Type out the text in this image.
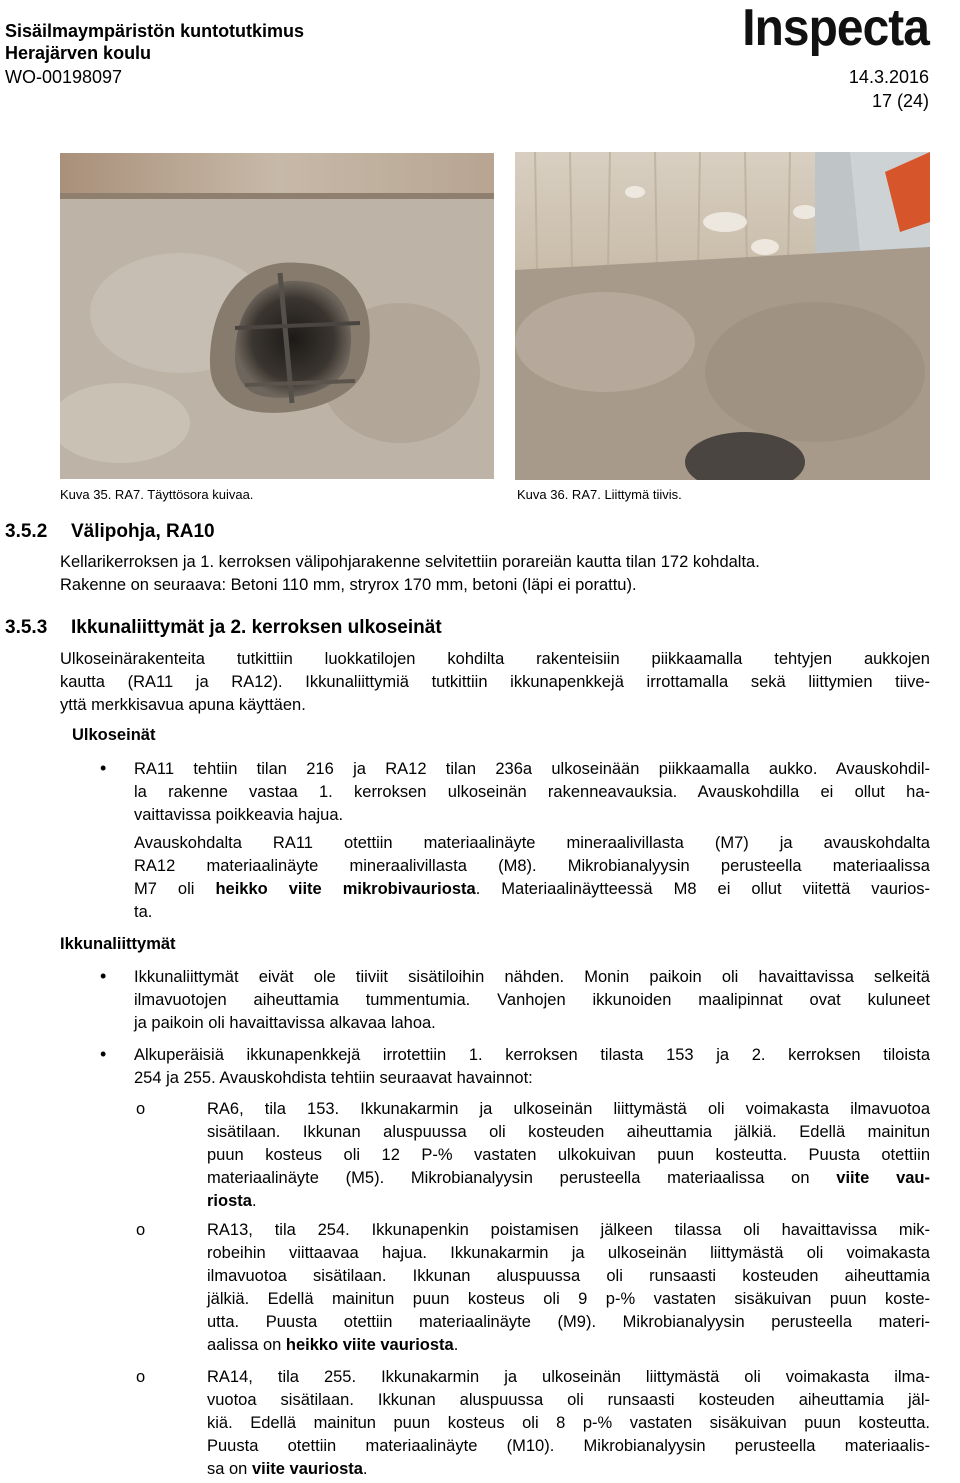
Sisäilmaympäristön kuntotutkimus
Herajärven koulu
WO-00198097
Inspecta
14.3.2016
17 (24)
Kuva 35. RA7. Täyttösora kuivaa.	Kuva 36. RA7. Liittymä tiivis.
3.5.2 Välipohja, RA10
Kellarikerroksen ja 1. kerroksen välipohjarakenne selvitettiin porareiän kautta tilan 172 kohdalta.
Rakenne on seuraava: Betoni 110 mm, stryrox 170 mm, betoni (läpi ei porattu).
3.5.3 Ikkunaliittymät ja 2. kerroksen ulkoseinät
Ulkoseinärakenteita tutkittiin luokkatilojen kohdilta rakenteisiin piikkaamalla tehtyjen aukkojen
kautta (RA11 ja RA12). Ikkunaliittymiä tutkittiin ikkunapenkkejä irrottamalla sekä liittymien tiive-
yttä merkkisavua apuna käyttäen.
Ulkoseinät
• RA11 tehtiin tilan 216 ja RA12 tilan 236a ulkoseinään piikkaamalla aukko. Avauskohdil-
la rakenne vastaa 1. kerroksen ulkoseinän rakenneavauksia. Avauskohdilla ei ollut ha-
vaittavissa poikkeavia hajua.
Avauskohdalta RA11 otettiin materiaalinäyte mineraalivillasta (M7) ja avauskohdalta
RA12 materiaalinäyte mineraalivillasta (M8). Mikrobianalyysin perusteella materiaalissa
M7 oli heikko viite mikrobivauriosta. Materiaalinäytteessä M8 ei ollut viitettä vaurios-
ta.
Ikkunaliittymät
• Ikkunaliittymät eivät ole tiiviit sisätiloihin nähden. Monin paikoin oli havaittavissa selkeitä
ilmavuotojen aiheuttamia tummentumia. Vanhojen ikkunoiden maalipinnat ovat kuluneet
ja paikoin oli havaittavissa alkavaa lahoa.
• Alkuperäisiä ikkunapenkkejä irrotettiin 1. kerroksen tilasta 153 ja 2. kerroksen tiloista
254 ja 255. Avauskohdista tehtiin seuraavat havainnot:
o	RA6, tila 153. Ikkunakarmin ja ulkoseinän liittymästä oli voimakasta ilmavuotoa
sisätilaan. Ikkunan aluspuussa oli kosteuden aiheuttamia jälkiä. Edellä mainitun
puun kosteus oli 12 P-% vastaten ulkokuivan puun kosteutta. Puusta otettiin
materiaalinäyte (M5). Mikrobianalyysin perusteella materiaalissa on viite vau-
riosta.
o	RA13, tila 254. Ikkunapenkin poistamisen jälkeen tilassa oli havaittavissa mik-
robeihin viittaavaa hajua. Ikkunakarmin ja ulkoseinän liittymästä oli voimakasta
ilmavuotoa sisätilaan. Ikkunan aluspuussa oli runsaasti kosteuden aiheuttamia
jälkiä. Edellä mainitun puun kosteus oli 9 p-% vastaten sisäkuivan puun koste-
utta. Puusta otettiin materiaalinäyte (M9). Mikrobianalyysin perusteella materi-
aalissa on heikko viite vauriosta.
o	RA14, tila 255. Ikkunakarmin ja ulkoseinän liittymästä oli voimakasta ilma-
vuotoa sisätilaan. Ikkunan aluspuussa oli runsaasti kosteuden aiheuttamia jäl-
kiä. Edellä mainitun puun kosteus oli 8 p-% vastaten sisäkuivan puun kosteutta.
Puusta otettiin materiaalinäyte (M10). Mikrobianalyysin perusteella materiaalis-
sa on viite vauriosta.
